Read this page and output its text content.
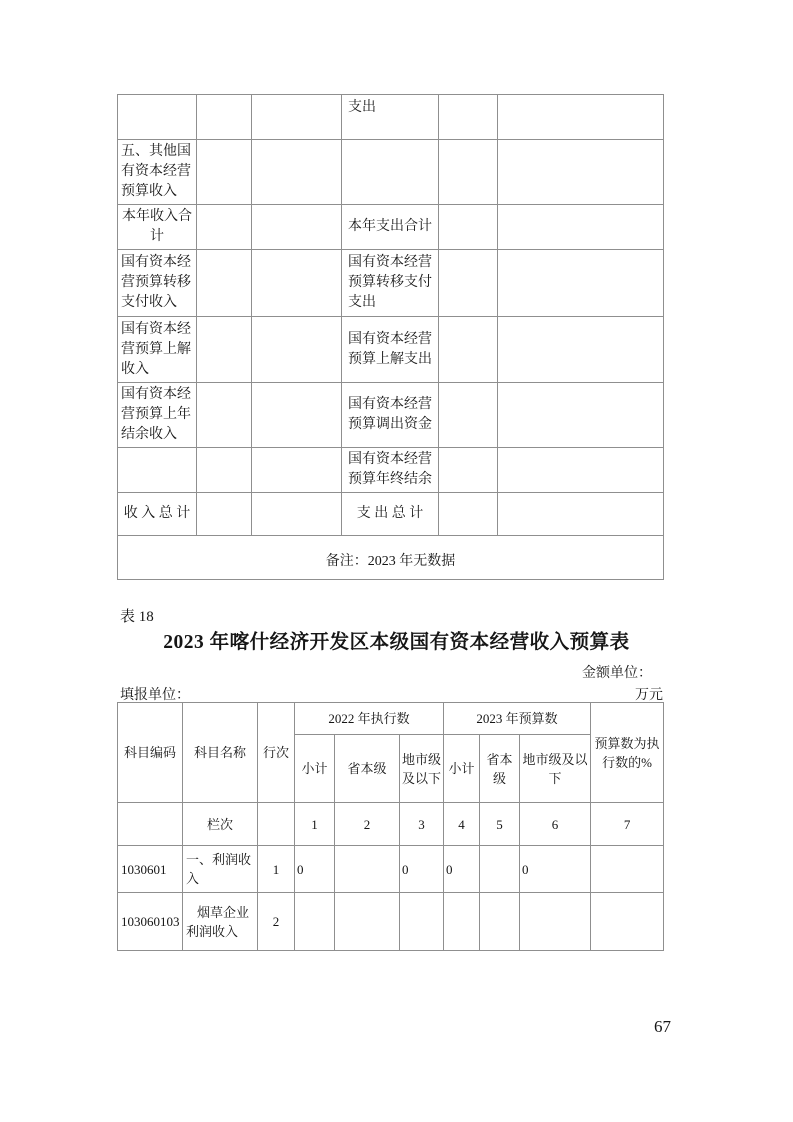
			支出		
五、其他国有资本经营预算收入					
本年收入合计			本年支出合计		
国有资本经营预算转移支付收入			国有资本经营预算转移支付支出		
国有资本经营预算上解收入			国有资本经营预算上解支出		
国有资本经营预算上年结余收入			国有资本经营预算调出资金		
			国有资本经营预算年终结余		
收 入 总 计			支 出 总 计		
备注：2023 年无数据					
表 18
2023 年喀什经济开发区本级国有资本经营收入预算表
金额单位：
填报单位：	万元
科目编码	科目名称	行次	2022 年执行数			2023 年预算数			预算数为执行数的%
			小计	省本级	地市级及以下	小计	省本级	地市级及以下	
	栏次		1	2	3	4	5	6	7
1030601	一、利润收入	1	0		0	0		0	
103060103	烟草企业利润收入	2							
67
